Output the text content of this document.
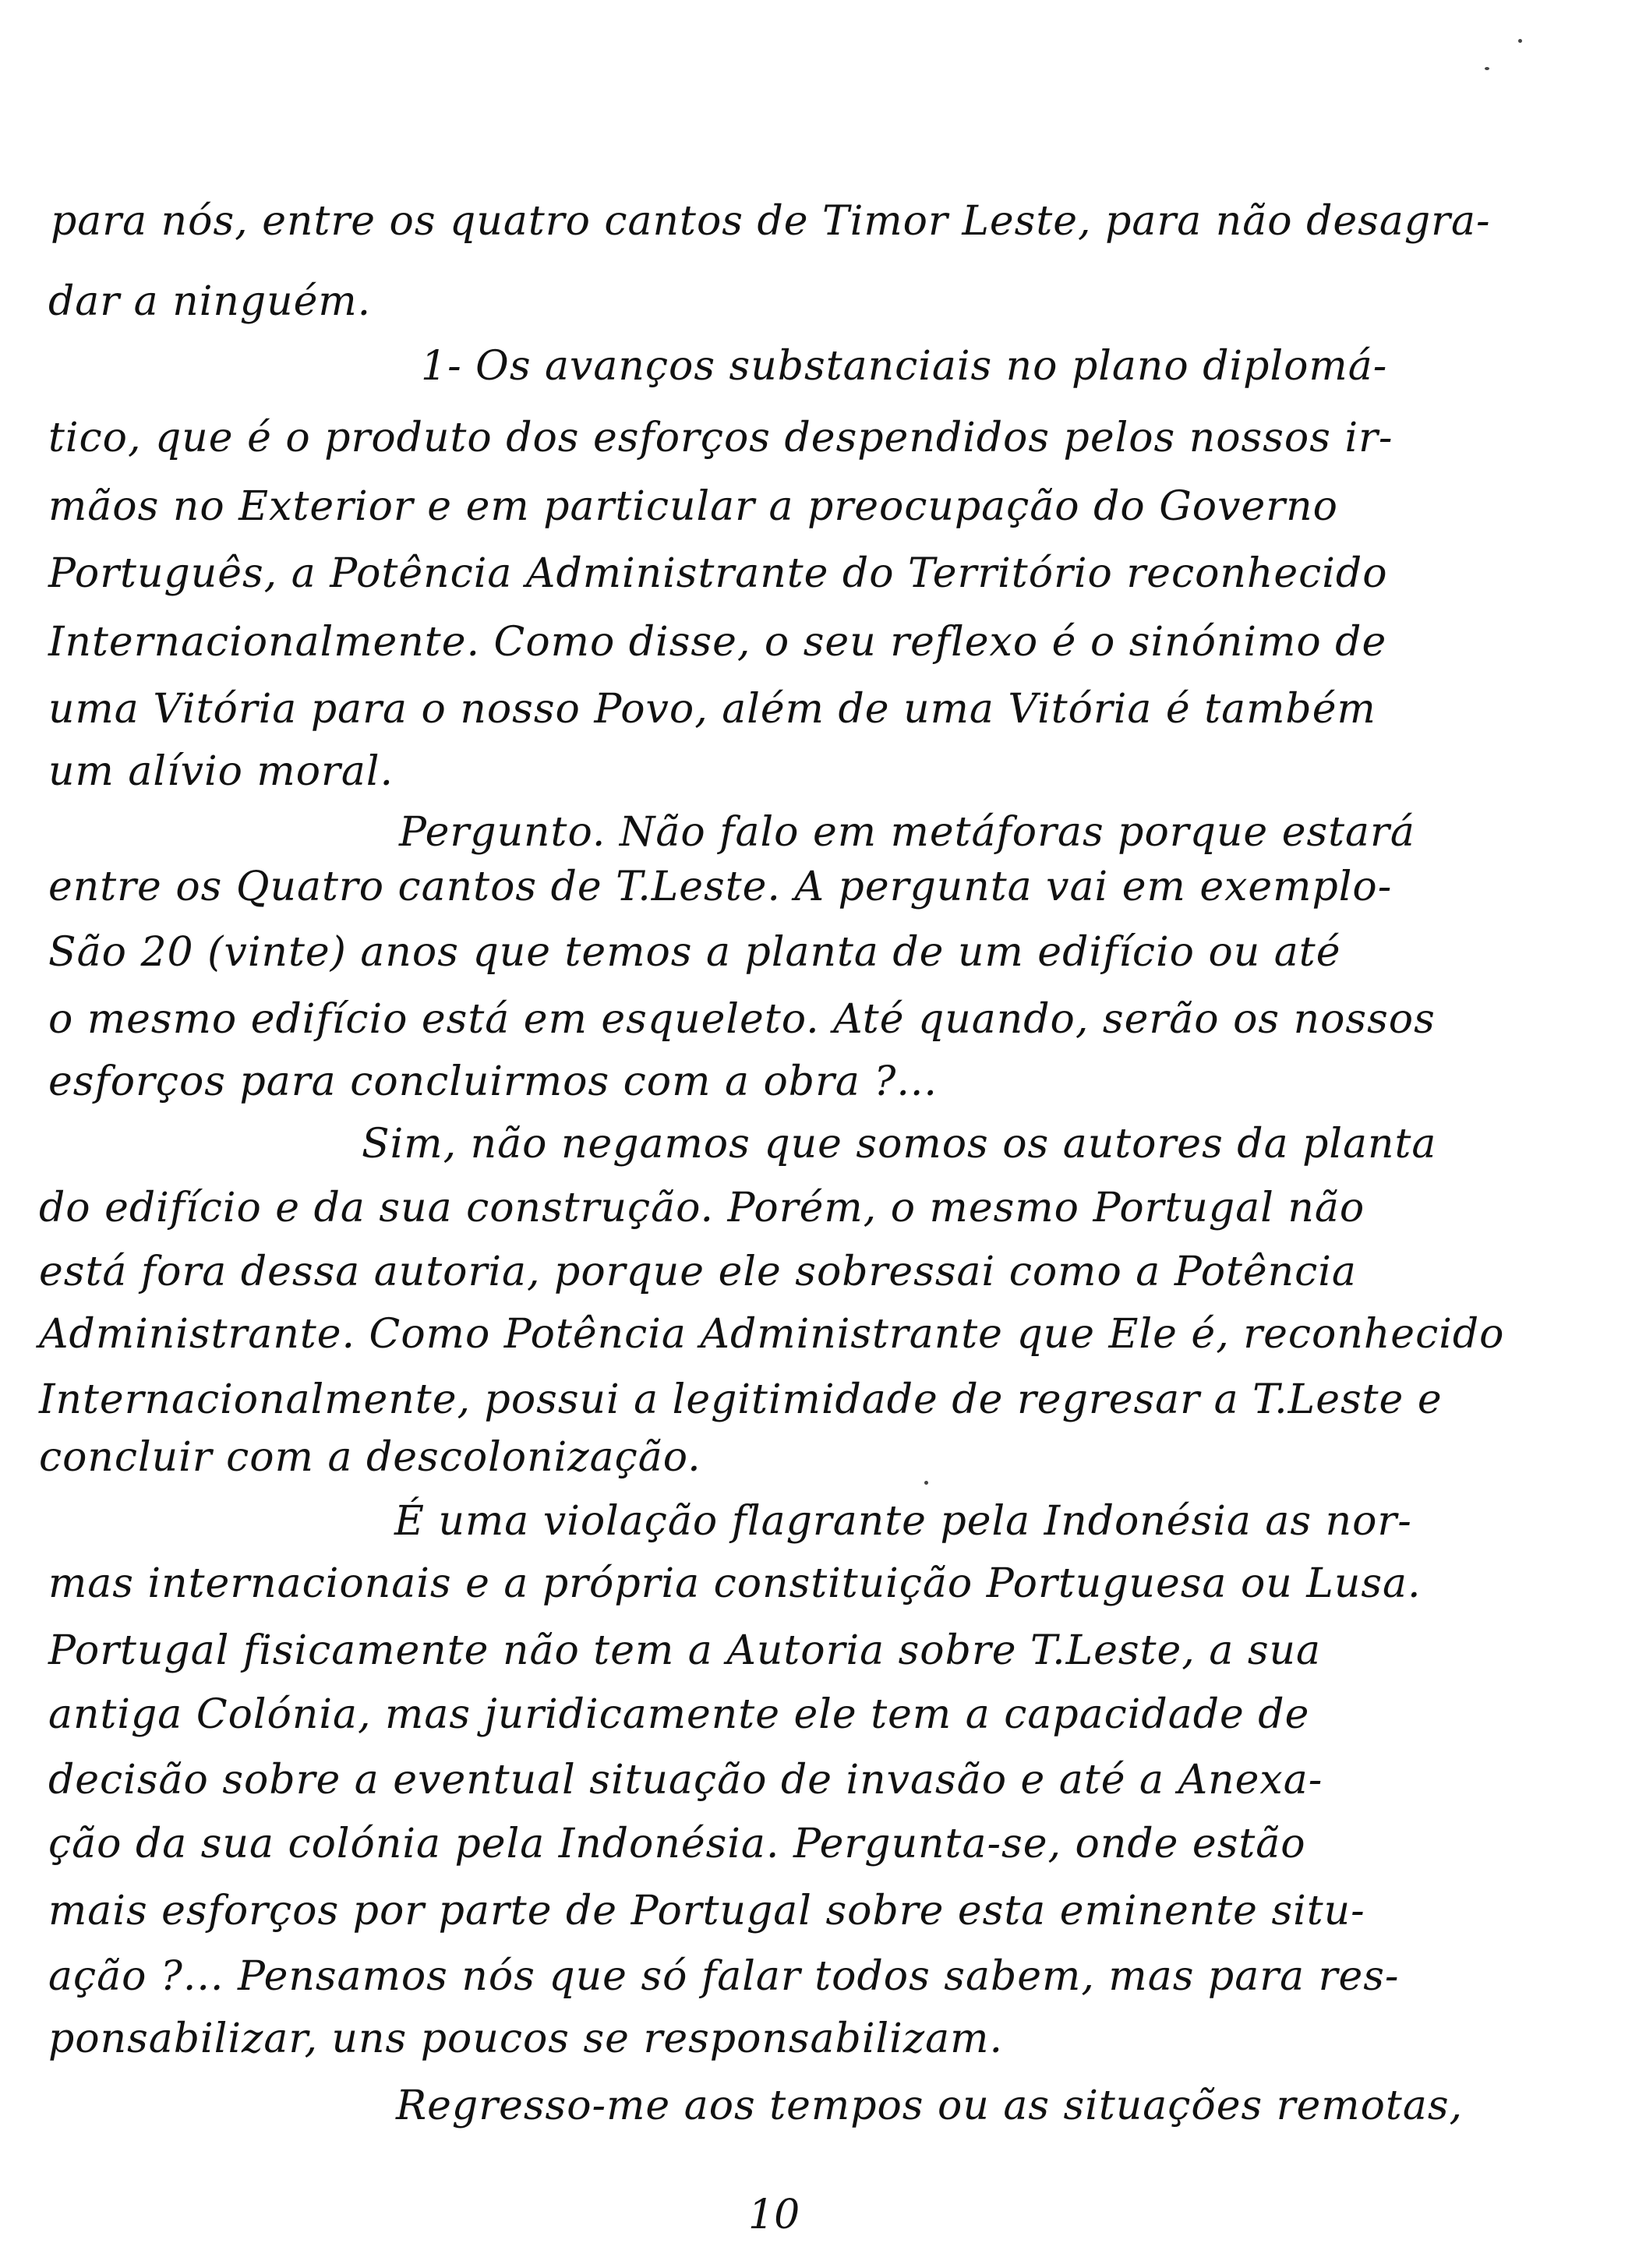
para nós, entre os quatro cantos de Timor Leste, para não desagra-
dar a ninguém.
1- Os avanços substanciais no plano diplomá-
tico, que é o produto dos esforços despendidos pelos nossos ir-
mãos no Exterior e em particular a preocupação do Governo
Português, a Potência Administrante do Território reconhecido
Internacionalmente. Como disse, o seu reflexo é o sinónimo de
uma Vitória para o nosso Povo, além de uma Vitória é também
um alívio moral.
Pergunto. Não falo em metáforas porque estará
entre os Quatro cantos de T.Leste. A pergunta vai em exemplo-
São 20 (vinte) anos que temos a planta de um edifício ou até
o mesmo edifício está em esqueleto. Até quando, serão os nossos
esforços para concluirmos com a obra ?...
Sim, não negamos que somos os autores da planta
do edifício e da sua construção. Porém, o mesmo Portugal não
está fora dessa autoria, porque ele sobressai como a Potência
Administrante. Como Potência Administrante que Ele é, reconhecido
Internacionalmente, possui a legitimidade de regresar a T.Leste e
concluir com a descolonização.
É uma violação flagrante pela Indonésia as nor-
mas internacionais e a própria constituição Portuguesa ou Lusa.
Portugal fisicamente não tem a Autoria sobre T.Leste, a sua
antiga Colónia, mas juridicamente ele tem a capacidade de
decisão sobre a eventual situação de invasão e até a Anexa-
ção da sua colónia pela Indonésia. Pergunta-se, onde estão
mais esforços por parte de Portugal sobre esta eminente situ-
ação ?... Pensamos nós que só falar todos sabem, mas para res-
ponsabilizar, uns poucos se responsabilizam.
Regresso-me aos tempos ou as situações remotas,
10
